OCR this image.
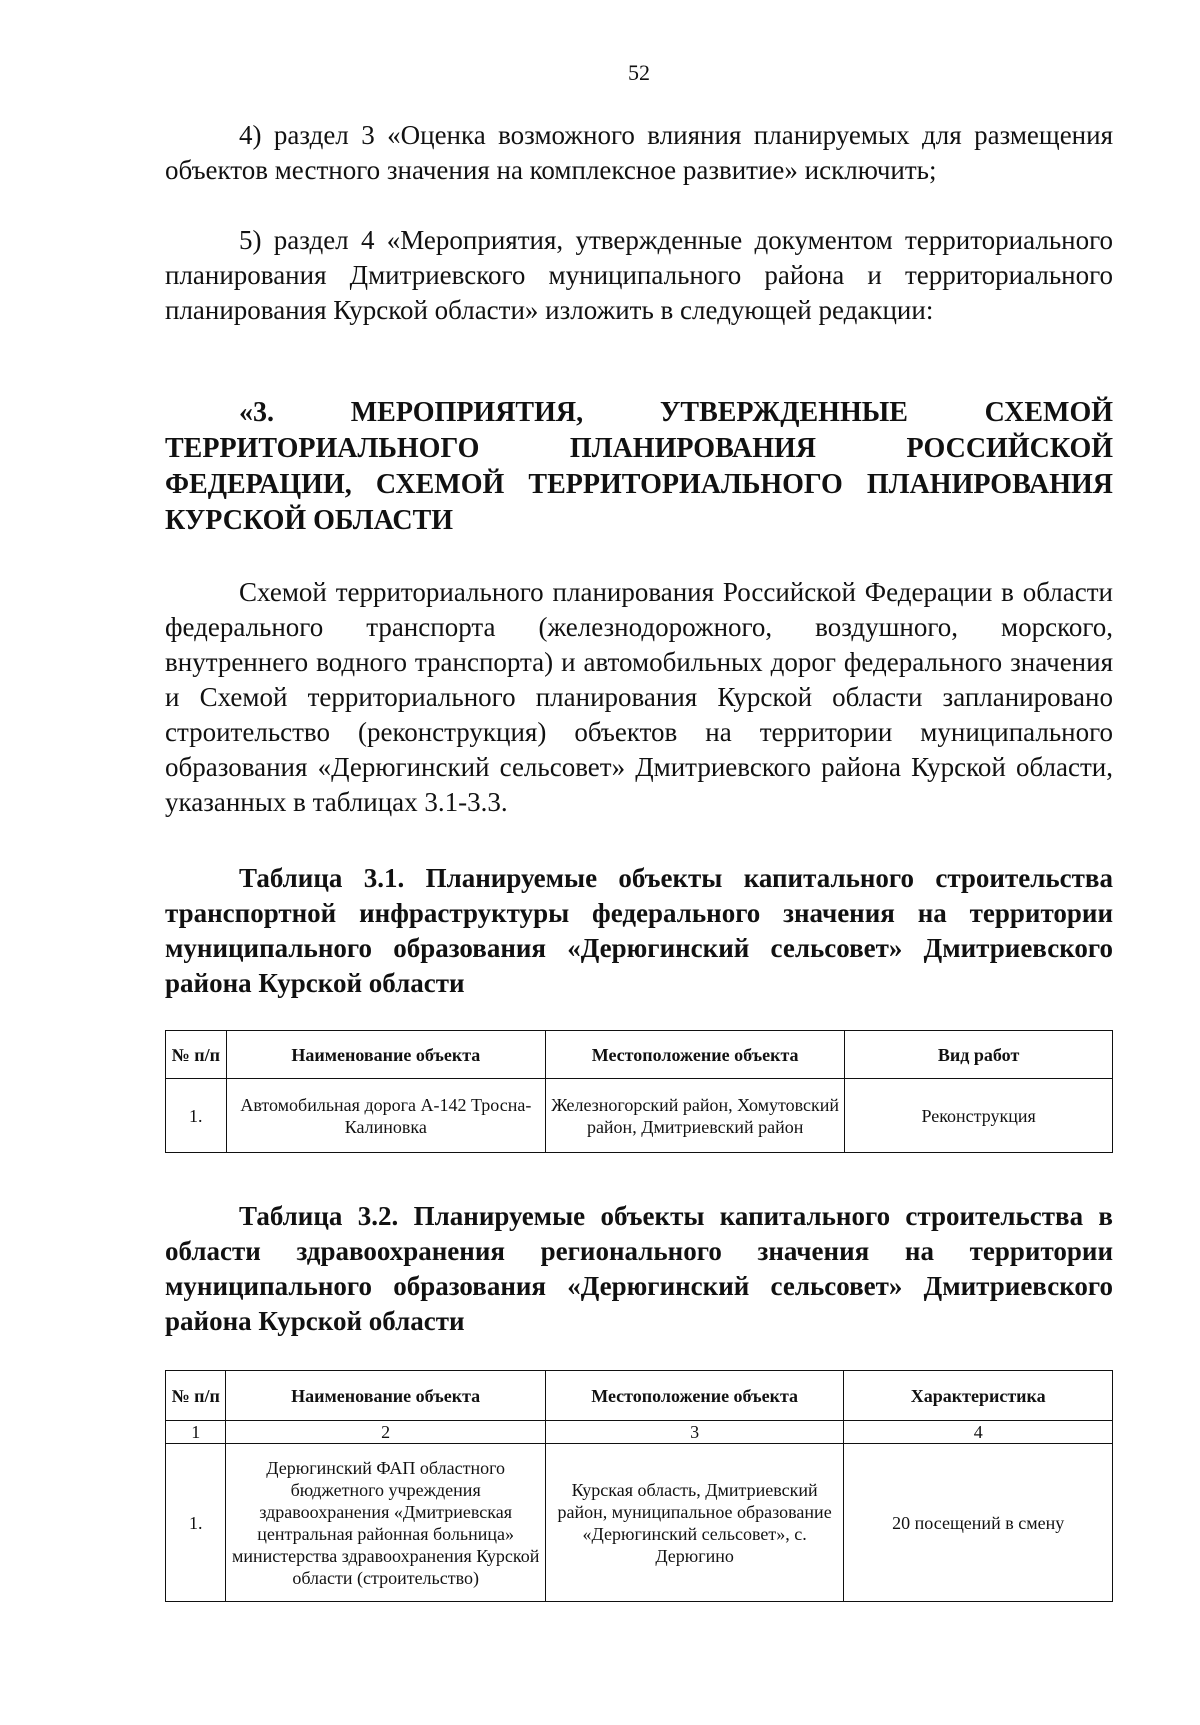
52

4) раздел 3 «Оценка возможного влияния планируемых для размещения объектов местного значения на комплексное развитие» исключить;

5) раздел 4 «Мероприятия, утвержденные документом территориального планирования Дмитриевского муниципального района и территориального планирования Курской области» изложить в следующей редакции:

«3. МЕРОПРИЯТИЯ, УТВЕРЖДЕННЫЕ СХЕМОЙ ТЕРРИТОРИАЛЬНОГО ПЛАНИРОВАНИЯ РОССИЙСКОЙ ФЕДЕРАЦИИ, СХЕМОЙ ТЕРРИТОРИАЛЬНОГО ПЛАНИРОВАНИЯ КУРСКОЙ ОБЛАСТИ

Схемой территориального планирования Российской Федерации в области федерального транспорта (железнодорожного, воздушного, морского, внутреннего водного транспорта) и автомобильных дорог федерального значения и Схемой территориального планирования Курской области запланировано строительство (реконструкция) объектов на территории муниципального образования «Дерюгинский сельсовет» Дмитриевского района Курской области, указанных в таблицах 3.1-3.3.

Таблица 3.1. Планируемые объекты капитального строительства транспортной инфраструктуры федерального значения на территории муниципального образования «Дерюгинский сельсовет» Дмитриевского района Курской области
№ п/п	Наименование объекта	Местоположение объекта	Вид работ
1.	Автомобильная дорога А-142 Тросна-Калиновка	Железногорский район, Хомутовский район, Дмитриевский район	Реконструкция
Таблица 3.2. Планируемые объекты капитального строительства в области здравоохранения регионального значения на территории муниципального образования «Дерюгинский сельсовет» Дмитриевского района Курской области
№ п/п	Наименование объекта	Местоположение объекта	Характеристика
1	2	3	4
1.	Дерюгинский ФАП областного бюджетного учреждения здравоохранения «Дмитриевская центральная районная больница» министерства здравоохранения Курской области (строительство)	Курская область, Дмитриевский район, муниципальное образование «Дерюгинский сельсовет», с. Дерюгино	20 посещений в смену
